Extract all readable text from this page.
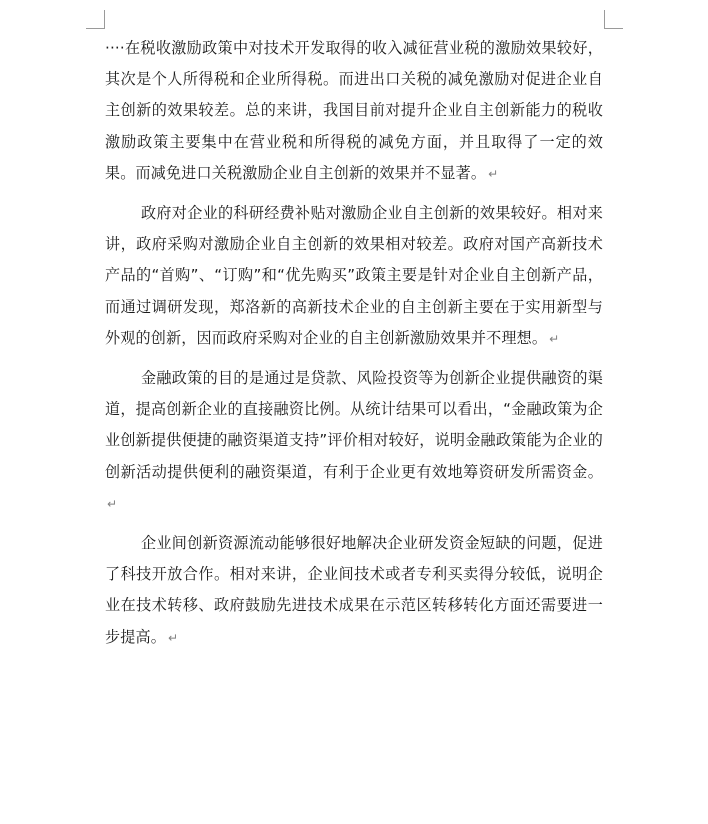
····在税收激励政策中对技术开发取得的收入减征营业税的激励效果较好，其次是个人所得税和企业所得税。而进出口关税的减免激励对促进企业自主创新的效果较差。总的来讲，我国目前对提升企业自主创新能力的税收激励政策主要集中在营业税和所得税的减免方面，并且取得了一定的效果。而减免进口关税激励企业自主创新的效果并不显著。 ↵

政府对企业的科研经费补贴对激励企业自主创新的效果较好。相对来讲，政府采购对激励企业自主创新的效果相对较差。政府对国产高新技术产品的“首购”、“订购”和“优先购买”政策主要是针对企业自主创新产品，而通过调研发现，郑洛新的高新技术企业的自主创新主要在于实用新型与外观的创新，因而政府采购对企业的自主创新激励效果并不理想。 ↵

金融政策的目的是通过是贷款、风险投资等为创新企业提供融资的渠道，提高创新企业的直接融资比例。从统计结果可以看出，“金融政策为企业创新提供便捷的融资渠道支持”评价相对较好，说明金融政策能为企业的创新活动提供便利的融资渠道，有利于企业更有效地筹资研发所需资金。↵

企业间创新资源流动能够很好地解决企业研发资金短缺的问题，促进了科技开放合作。相对来讲，企业间技术或者专利买卖得分较低，说明企业在技术转移、政府鼓励先进技术成果在示范区转移转化方面还需要进一步提高。 ↵
